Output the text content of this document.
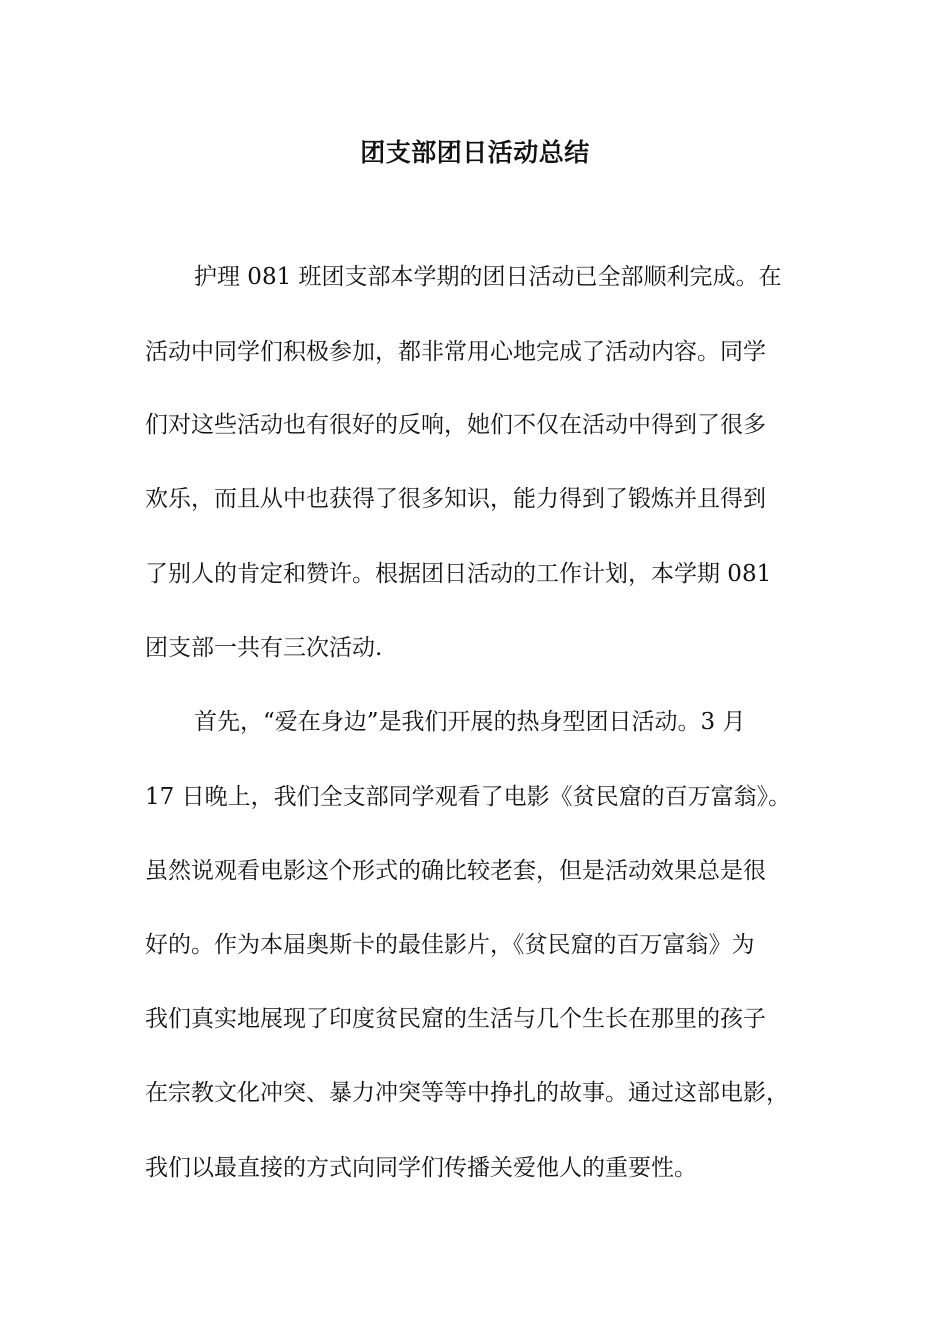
团支部团日活动总结
护理 081 班团支部本学期的团日活动已全部顺利完成。在
活动中同学们积极参加，都非常用心地完成了活动内容。同学
们对这些活动也有很好的反响，她们不仅在活动中得到了很多
欢乐，而且从中也获得了很多知识，能力得到了锻炼并且得到
了别人的肯定和赞许。根据团日活动的工作计划，本学期 081
团支部一共有三次活动.
首先，“爱在身边”是我们开展的热身型团日活动。3 月
17 日晚上，我们全支部同学观看了电影《贫民窟的百万富翁》。
虽然说观看电影这个形式的确比较老套，但是活动效果总是很
好的。作为本届奥斯卡的最佳影片，《贫民窟的百万富翁》为
我们真实地展现了印度贫民窟的生活与几个生长在那里的孩子
在宗教文化冲突、暴力冲突等等中挣扎的故事。通过这部电影，
我们以最直接的方式向同学们传播关爱他人的重要性。
